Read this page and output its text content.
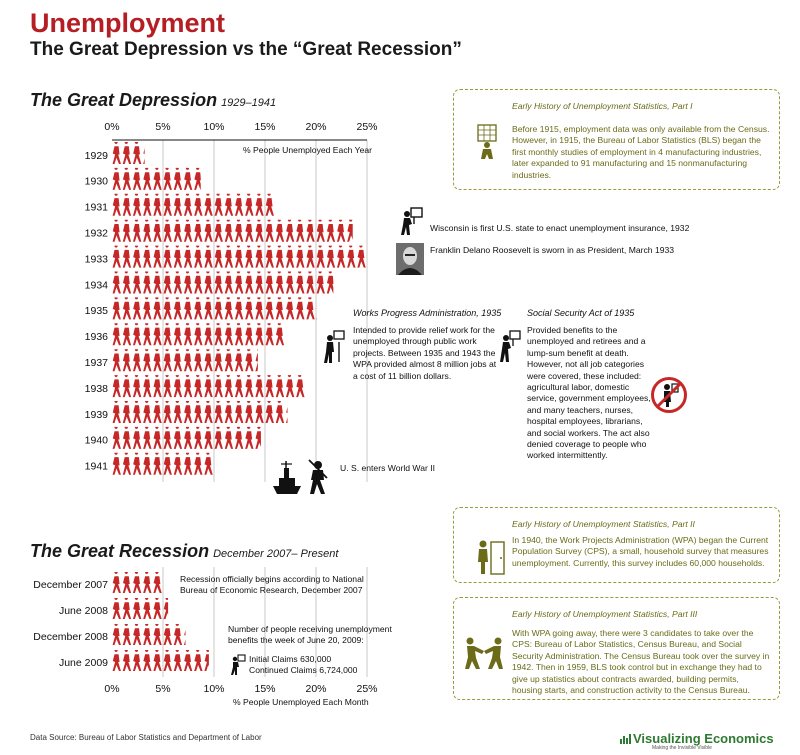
Unemployment
The Great Depression vs the “Great Recession”
The Great Depression 1929–1941
The Great Recession December 2007– Present
0%	5%	10%	15%	20%	25%
1929
1930
1931
1932
1933
1934
1935
1936
1937
1938
1939
1940
1941
0%	5%	10%	15%	20%	25%
December 2007
June 2008
December 2008
June 2009
% People Unemployed Each Year
% People Unemployed Each Month
Wisconsin is first U.S. state to enact unemployment insurance, 1932
Franklin Delano Roosevelt is sworn in as President, March 1933
U. S. enters World War II
Works Progress Administration, 1935
Intended to provide relief work for the unemployed through public work projects. Between 1935 and 1943 the WPA provided almost 8 million jobs at a cost of 11 billion dollars.
Social Security Act of 1935
Provided benefits to the unemployed and retirees and a lump-sum benefit at death. However, not all job categories were covered, these included: agricultural labor, domestic service, government employees, and many teachers, nurses, hospital employees, librarians, and social workers. The act also denied coverage to people who worked intermittently.
Recession officially begins according to National Bureau of Economic Research, December 2007
Number of people receiving unemployment benefits the week of June 20, 2009:
Initial Claims 630,000
Continued Claims 6,724,000
Early History of Unemployment Statistics, Part I
Before 1915, employment data was only available from the Census. However, in 1915, the Bureau of Labor Statistics (BLS) began the first monthly studies of employment in 4 manufacturing industries, later expanded to 91 manufacturing and 15 nonmanufacturing industries.
Early History of Unemployment Statistics, Part II
In 1940, the Work Projects Administration (WPA) began the Current Population Survey (CPS), a small, household survey that measures unemployment. Currently, this survey includes 60,000 households.
Early History of Unemployment Statistics, Part III
With WPA going away, there were 3 candidates to take over the CPS: Bureau of Labor Statistics, Census Bureau, and Social Security Administration. The Census Bureau took over the survey in 1942. Then in 1959, BLS took control but in exchange they had to give up statistics about contracts awarded, building permits, housing starts, and construction activity to the Census Bureau.
Data Source: Bureau of Labor Statistics and Department of Labor	Visualizing Economics
Making the Invisible Visible
